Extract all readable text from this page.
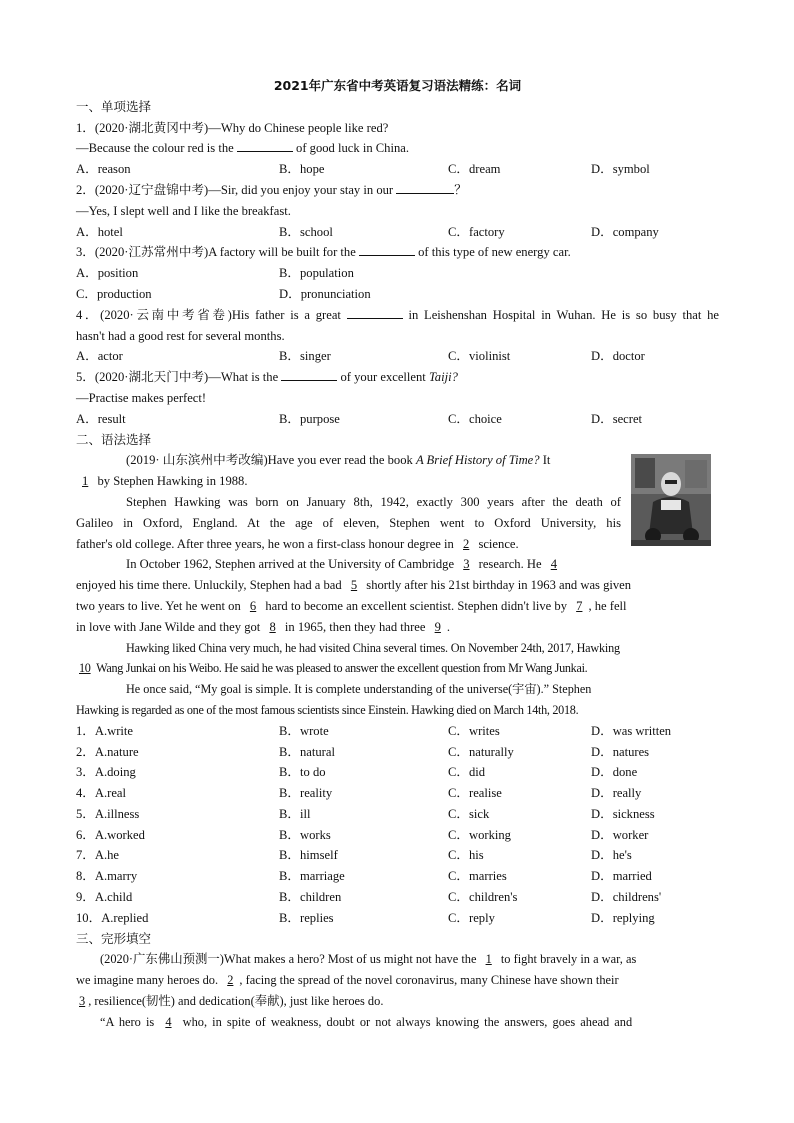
2021年广东省中考英语复习语法精练：名词
一、单项选择
1．(2020·湖北黄冈中考)—Why do Chinese people like red?
—Because the colour red is the	of good luck in China.
A．reason	B．hope	C．dream	D．symbol
2．(2020·辽宁盘锦中考)—Sir, did you enjoy your stay in our	？
—Yes, I slept well and I like the breakfast.
A．hotel	B．school	C．factory	D．company
3．(2020·江苏常州中考)A factory will be built for the	of this type of new energy car.
A．position	B．population
C．production	D．pronunciation
4．(2020·云南中考省卷)His father is a great	in Leishenshan Hospital in Wuhan. He is so busy that he
hasn't had a good rest for several months.
A．actor	B．singer	C．violinist	D．doctor
5．(2020·湖北天门中考)—What is the	of your excellent Taiji?
—Practise makes perfect!
A．result	B．purpose	C．choice	D．secret
二、语法选择
(2019· 山东滨州中考改编)Have you ever read the book A Brief History of Time? It
1 by Stephen Hawking in 1988.
Stephen Hawking was born on January 8th, 1942, exactly 300 years after the death of
Galileo in Oxford, England. At the age of eleven, Stephen went to Oxford University, his
father's old college. After three years, he won a first-class honour degree in 2 science.
In October 1962, Stephen arrived at the University of Cambridge 3 research. He 4
enjoyed his time there. Unluckily, Stephen had a bad 5 shortly after his 21st birthday in 1963 and was given
two years to live. Yet he went on 6 hard to become an excellent scientist. Stephen didn't live by 7 , he fell
in love with Jane Wilde and they got 8 in 1965, then they had three 9 .
Hawking liked China very much, he had visited China several times. On November 24th, 2017, Hawking
10 Wang Junkai on his Weibo. He said he was pleased to answer the excellent question from Mr Wang Junkai.
He once said, “My goal is simple. It is complete understanding of the universe(宇宙).” Stephen
Hawking is regarded as one of the most famous scientists since Einstein. Hawking died on March 14th, 2018.
1．A.write	B．wrote	C．writes	D．was written
2．A.nature	B．natural	C．naturally	D．natures
3．A.doing	B．to do	C．did	D．done
4．A.real	B．reality	C．realise	D．really
5．A.illness	B．ill	C．sick	D．sickness
6．A.worked	B．works	C．working	D．worker
7．A.he	B．himself	C．his	D．he's
8．A.marry	B．marriage	C．marries	D．married
9．A.child	B．children	C．children's	D．childrens'
10．A.replied	B．replies	C．reply	D．replying
三、完形填空
(2020·广东佛山预测一)What makes a hero? Most of us might not have the 1 to fight bravely in a war, as
we imagine many heroes do. 2 , facing the spread of the novel coronavirus, many Chinese have shown their
3 , resilience(韧性) and dedication(奉献), just like heroes do.
“A hero is 4 who, in spite of weakness, doubt or not always knowing the answers, goes ahead and
